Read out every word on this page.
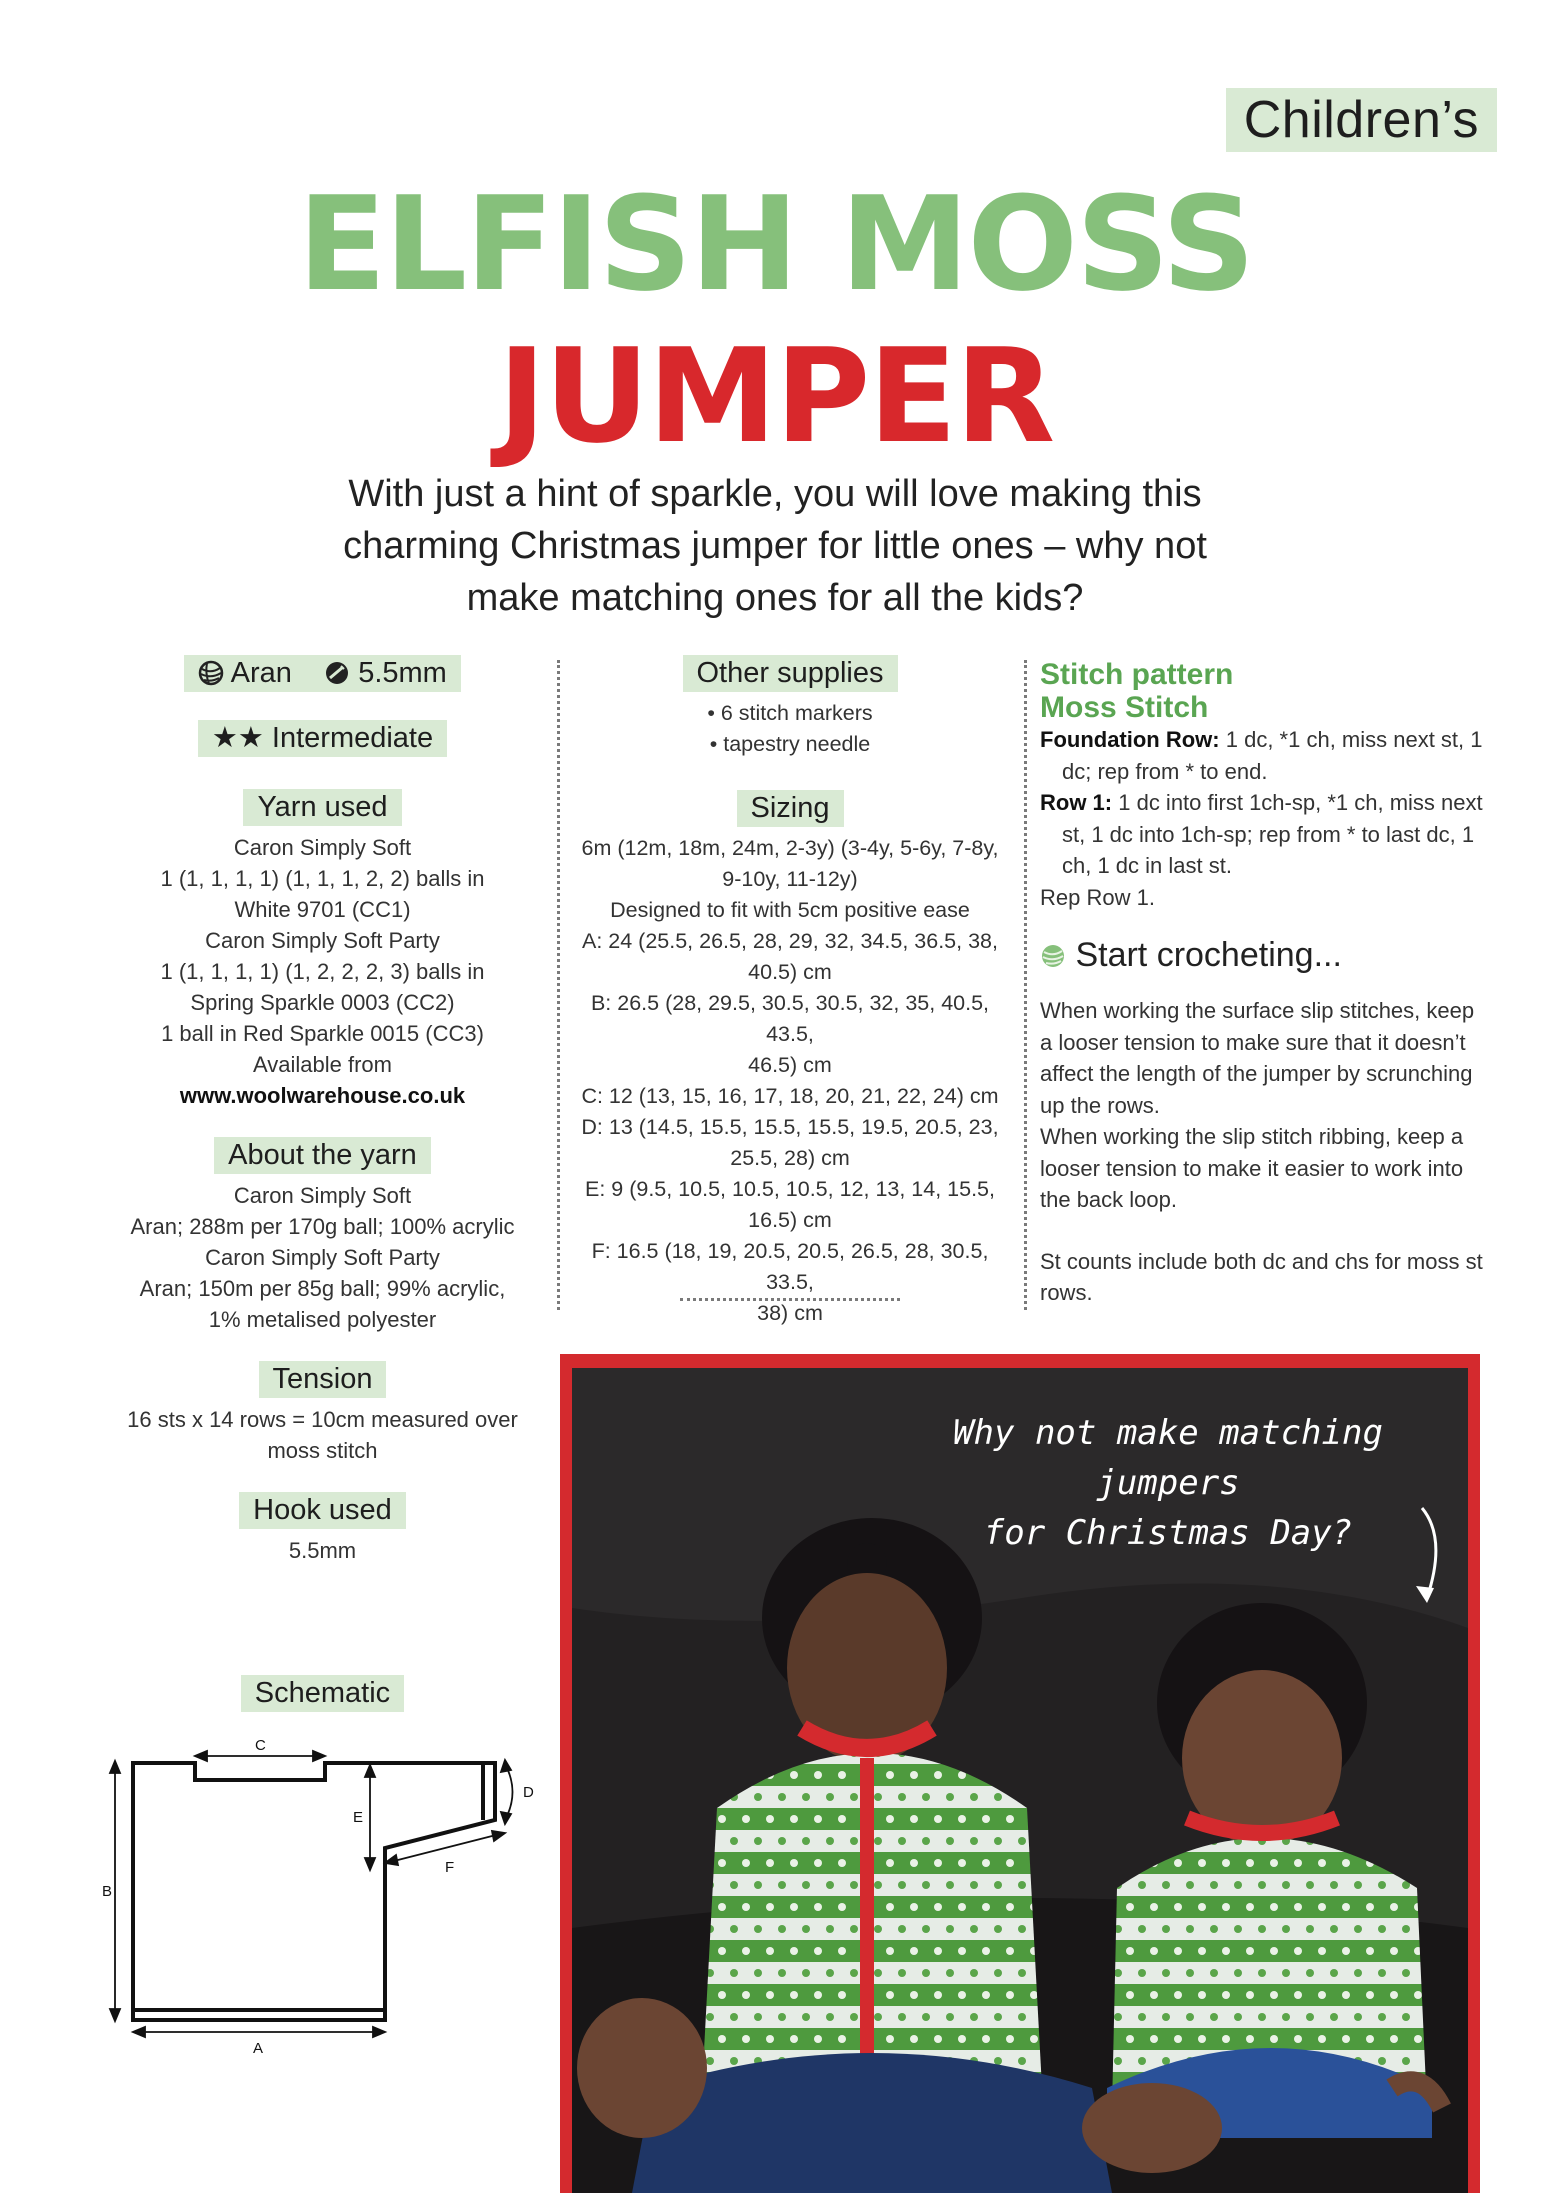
Children’s
ELFISH MOSS
JUMPER
With just a hint of sparkle, you will love making this charming Christmas jumper for little ones – why not make matching ones for all the kids?
Aran 5.5mm
★★ Intermediate
Yarn used
Caron Simply Soft
1 (1, 1, 1, 1) (1, 1, 1, 2, 2) balls in
White 9701 (CC1)
Caron Simply Soft Party
1 (1, 1, 1, 1) (1, 2, 2, 2, 3) balls in
Spring Sparkle 0003 (CC2)
1 ball in Red Sparkle 0015 (CC3)
Available from
www.woolwarehouse.co.uk
About the yarn
Caron Simply Soft
Aran; 288m per 170g ball; 100% acrylic
Caron Simply Soft Party
Aran; 150m per 85g ball; 99% acrylic,
1% metalised polyester
Tension
16 sts x 14 rows = 10cm measured over
moss stitch
Hook used
5.5mm
Schematic
C
B
A
E
F
D
Other supplies
• 6 stitch markers
• tapestry needle
Sizing
6m (12m, 18m, 24m, 2-3y) (3-4y, 5-6y, 7-8y,
9-10y, 11-12y)
Designed to fit with 5cm positive ease
A: 24 (25.5, 26.5, 28, 29, 32, 34.5, 36.5, 38,
40.5) cm
B: 26.5 (28, 29.5, 30.5, 30.5, 32, 35, 40.5, 43.5,
46.5) cm
C: 12 (13, 15, 16, 17, 18, 20, 21, 22, 24) cm
D: 13 (14.5, 15.5, 15.5, 15.5, 19.5, 20.5, 23,
25.5, 28) cm
E: 9 (9.5, 10.5, 10.5, 10.5, 12, 13, 14, 15.5,
16.5) cm
F: 16.5 (18, 19, 20.5, 20.5, 26.5, 28, 30.5, 33.5,
38) cm
Stitch pattern
Moss Stitch

Foundation Row: 1 dc, *1 ch, miss next st, 1 dc; rep from * to end.

Row 1: 1 dc into first 1ch-sp, *1 ch, miss next st, 1 dc into 1ch-sp; rep from * to last dc, 1 ch, 1 dc in last st.

Rep Row 1.

Start crocheting...

When working the surface slip stitches, keep a looser tension to make sure that it doesn’t affect the length of the jumper by scrunching up the rows.

When working the slip stitch ribbing, keep a looser tension to make it easier to work into the back loop.

St counts include both dc and chs for moss st rows.

Why not make matching jumpers
for Christmas Day?
